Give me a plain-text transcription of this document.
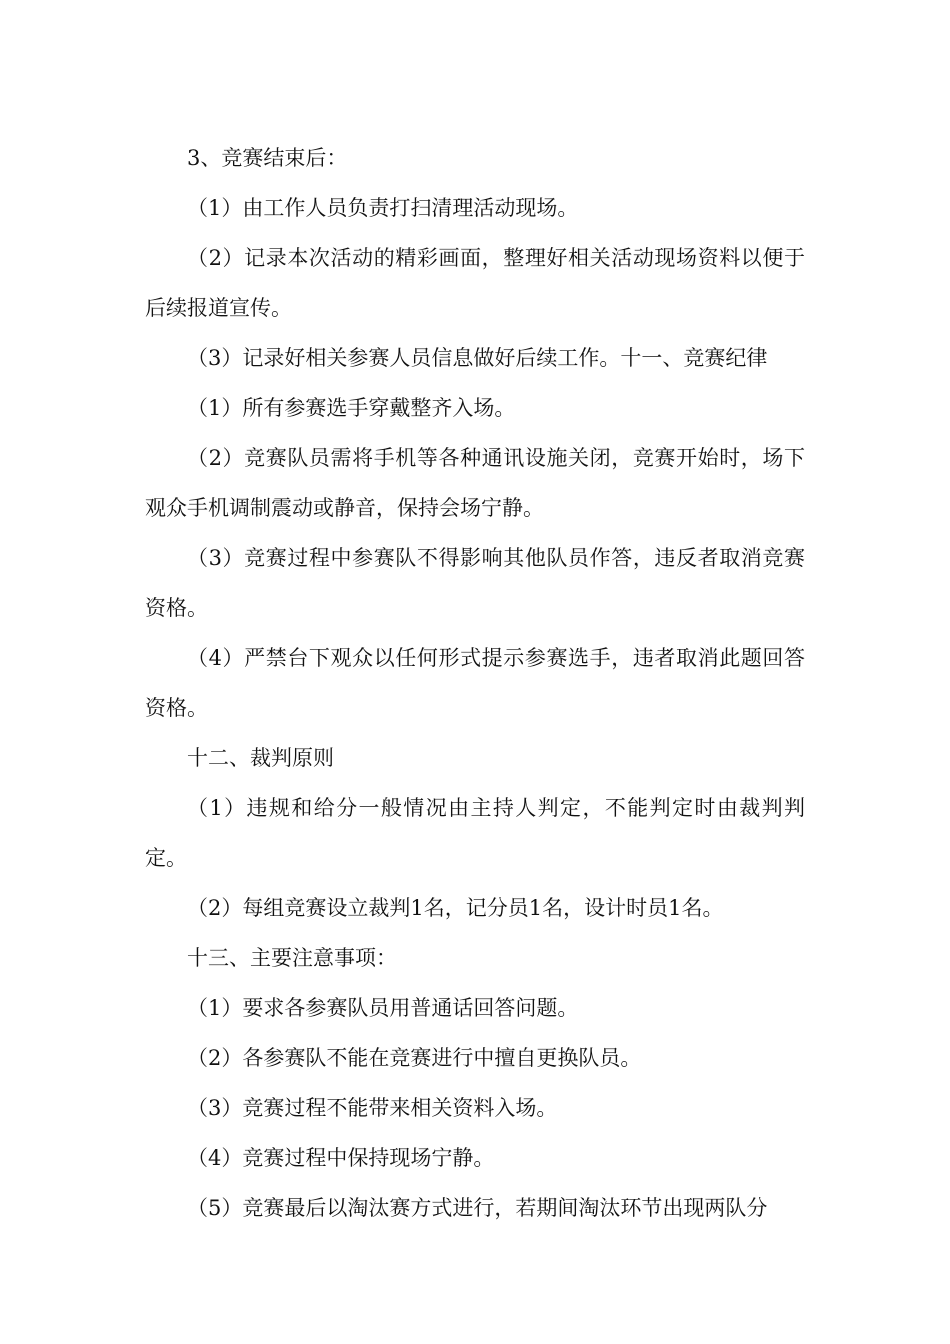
3、竞赛结束后：

（1）由工作人员负责打扫清理活动现场。

（2）记录本次活动的精彩画面，整理好相关活动现场资料以便于后续报道宣传。

（3）记录好相关参赛人员信息做好后续工作。十一、竞赛纪律

（1）所有参赛选手穿戴整齐入场。

（2）竞赛队员需将手机等各种通讯设施关闭，竞赛开始时，场下观众手机调制震动或静音，保持会场宁静。

（3）竞赛过程中参赛队不得影响其他队员作答，违反者取消竞赛资格。

（4）严禁台下观众以任何形式提示参赛选手，违者取消此题回答资格。

十二、裁判原则

（1）违规和给分一般情况由主持人判定，不能判定时由裁判判定。

（2）每组竞赛设立裁判1名，记分员1名，设计时员1名。

十三、主要注意事项：

（1）要求各参赛队员用普通话回答问题。

（2）各参赛队不能在竞赛进行中擅自更换队员。

（3）竞赛过程不能带来相关资料入场。

（4）竞赛过程中保持现场宁静。

（5）竞赛最后以淘汰赛方式进行，若期间淘汰环节出现两队分
